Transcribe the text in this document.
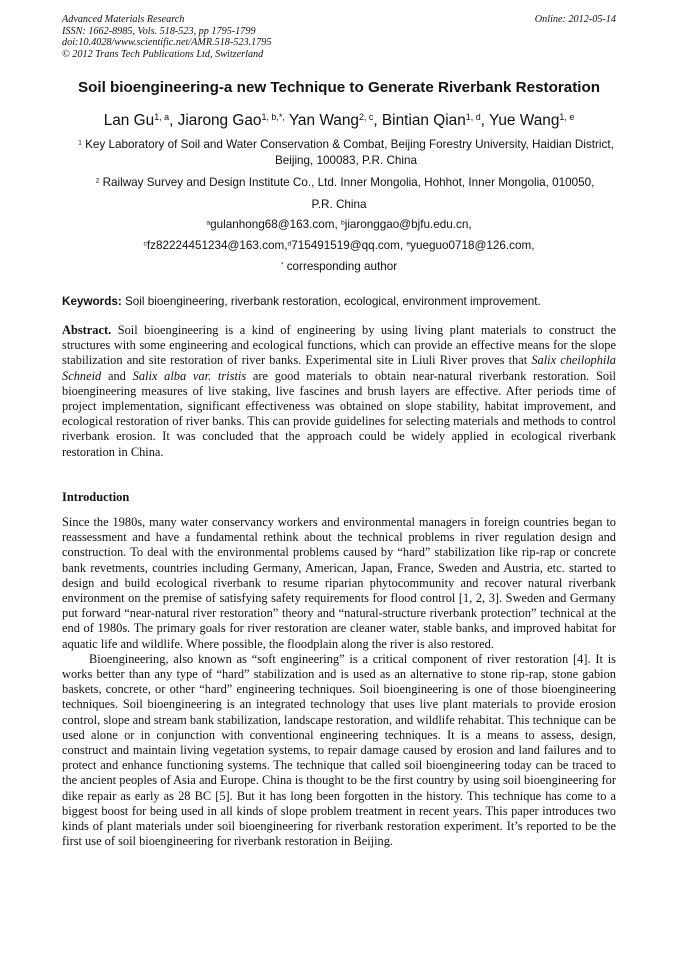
Advanced Materials Research
ISSN: 1662-8985, Vols. 518-523, pp 1795-1799
doi:10.4028/www.scientific.net/AMR.518-523.1795
© 2012 Trans Tech Publications Ltd, Switzerland
Online: 2012-05-14
Soil bioengineering-a new Technique to Generate Riverbank Restoration
Lan Gu$^{1, a}$, Jiarong Gao$^{1, b,*,}$ Yan Wang$^{2, c}$, Bintian Qian$^{1, d}$, Yue Wang$^{1, e}$
$^1$ Key Laboratory of Soil and Water Conservation & Combat, Beijing Forestry University, Haidian District, Beijing, 100083, P.R. China
$^2$ Railway Survey and Design Institute Co., Ltd. Inner Mongolia, Hohhot, Inner Mongolia, 010050,
P.R. China
$^a$gulanhong68@163.com, $^b$jiaronggao@bjfu.edu.cn,
$^c$fz82224451234@163.com,$^d$715491519@qq.com, $^e$yueguo0718@126.com,
* corresponding author
Keywords: Soil bioengineering, riverbank restoration, ecological, environment improvement.

Abstract. Soil bioengineering is a kind of engineering by using living plant materials to construct the structures with some engineering and ecological functions, which can provide an effective means for the slope stabilization and site restoration of river banks. Experimental site in Liuli River proves that Salix cheilophila Schneid and Salix alba var. tristis are good materials to obtain near-natural riverbank restoration. Soil bioengineering measures of live staking, live fascines and brush layers are effective. After periods time of project implementation, significant effectiveness was obtained on slope stability, habitat improvement, and ecological restoration of river banks. This can provide guidelines for selecting materials and methods to control riverbank erosion. It was concluded that the approach could be widely applied in ecological riverbank restoration in China.

Introduction

Since the 1980s, many water conservancy workers and environmental managers in foreign countries began to reassessment and have a fundamental rethink about the technical problems in river regulation design and construction. To deal with the environmental problems caused by “hard” stabilization like rip-rap or concrete bank revetments, countries including Germany, American, Japan, France, Sweden and Austria, etc. started to design and build ecological riverbank to resume riparian phytocommunity and recover natural riverbank environment on the premise of satisfying safety requirements for flood control [1, 2, 3]. Sweden and Germany put forward “near-natural river restoration” theory and “natural-structure riverbank protection” technical at the end of 1980s. The primary goals for river restoration are cleaner water, stable banks, and improved habitat for aquatic life and wildlife. Where possible, the floodplain along the river is also restored.

Bioengineering, also known as “soft engineering” is a critical component of river restoration [4]. It is works better than any type of “hard” stabilization and is used as an alternative to stone rip-rap, stone gabion baskets, concrete, or other “hard” engineering techniques. Soil bioengineering is one of those bioengineering techniques. Soil bioengineering is an integrated technology that uses live plant materials to provide erosion control, slope and stream bank stabilization, landscape restoration, and wildlife rehabitat. This technique can be used alone or in conjunction with conventional engineering techniques. It is a means to assess, design, construct and maintain living vegetation systems, to repair damage caused by erosion and land failures and to protect and enhance functioning systems. The technique that called soil bioengineering today can be traced to the ancient peoples of Asia and Europe. China is thought to be the first country by using soil bioengineering for dike repair as early as 28 BC [5]. But it has long been forgotten in the history. This technique has come to a biggest boost for being used in all kinds of slope problem treatment in recent years. This paper introduces two kinds of plant materials under soil bioengineering for riverbank restoration experiment. It’s reported to be the first use of soil bioengineering for riverbank restoration in Beijing.
